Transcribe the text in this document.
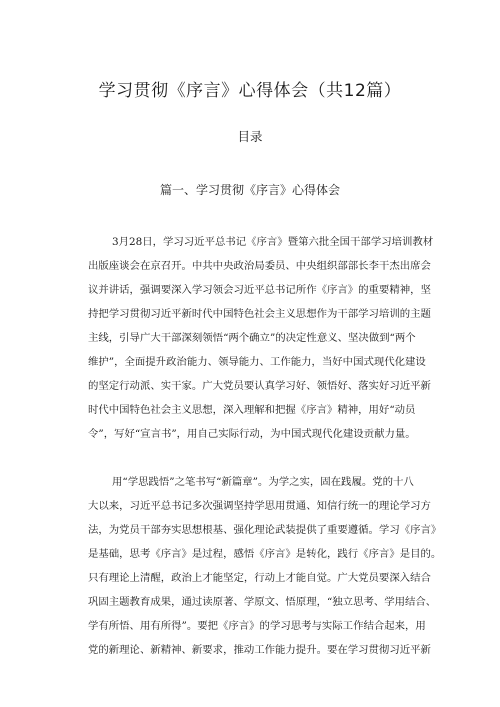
学习贯彻《序言》心得体会（共12篇）
目录
篇一、学习贯彻《序言》心得体会
3月28日，学习习近平总书记《序言》暨第六批全国干部学习培训教材
出版座谈会在京召开。中共中央政治局委员、中央组织部部长李干杰出席会
议并讲话，强调要深入学习领会习近平总书记所作《序言》的重要精神，坚
持把学习贯彻习近平新时代中国特色社会主义思想作为干部学习培训的主题
主线，引导广大干部深刻领悟“两个确立”的决定性意义、坚决做到“两个
维护”，全面提升政治能力、领导能力、工作能力，当好中国式现代化建设
的坚定行动派、实干家。广大党员要认真学习好、领悟好、落实好习近平新
时代中国特色社会主义思想，深入理解和把握《序言》精神，用好“动员
令”，写好“宣言书”，用自己实际行动，为中国式现代化建设贡献力量。
用“学思践悟”之笔书写“新篇章”。为学之实，固在践履。党的十八
大以来，习近平总书记多次强调坚持学思用贯通、知信行统一的理论学习方
法，为党员干部夯实思想根基、强化理论武装提供了重要遵循。学习《序言》
是基础，思考《序言》是过程，感悟《序言》是转化，践行《序言》是目的。
只有理论上清醒，政治上才能坚定，行动上才能自觉。广大党员要深入结合
巩固主题教育成果，通过读原著、学原文、悟原理，“独立思考、学用结合、
学有所悟、用有所得”。要把《序言》的学习思考与实际工作结合起来，用
党的新理论、新精神、新要求，推动工作能力提升。要在学习贯彻习近平新
